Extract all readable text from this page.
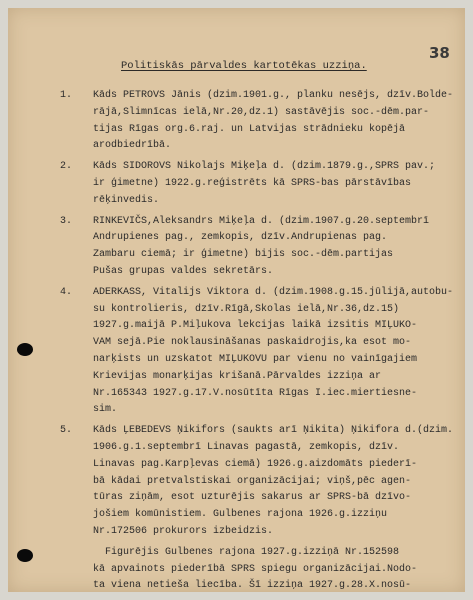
38
Politiskās pārvaldes kartotēkas uzziņa.
1. Kāds PETROVS Jānis (dzim.1901.g., planku nesējs, dzīv.Bolde-
rājā,Slimnīcas ielā,Nr.20,dz.1) sastāvējis soc.-dēm.par-
tijas Rīgas org.6.raj. un Latvijas strādnieku kopējā
arodbiedrībā.
2. Kāds SIDOROVS Nikolajs Miķeļa d. (dzim.1879.g.,SPRS pav.;
ir ģimetne) 1922.g.reģistrēts kā SPRS-bas pārstāvības
rēķinvedis.
3. RINKEVIČS,Aleksandrs Miķeļa d. (dzim.1907.g.20.septembrī
Andrupienes pag., zemkopis, dzīv.Andrupienas pag.
Zambaru ciemā; ir ģimetne) bijis soc.-dēm.partijas
Pušas grupas valdes sekretārs.
4. ADERKASS, Vitalijs Viktora d. (dzim.1908.g.15.jūlijā,autobu-
su kontrolieris, dzīv.Rīgā,Skolas ielā,Nr.36,dz.15)
1927.g.maijā P.Miļukova lekcijas laikā izsitis MIĻUKO-
VAM sejā.Pie noklausināšanas paskaidrojis,ka esot mo-
narķists un uzskatot MIĻUKOVU par vienu no vainīgajiem
Krievijas monarķijas krišanā.Pārvaldes izziņa ar
Nr.165343 1927.g.17.V.nosūtīta Rīgas I.iec.miertiesne-
sim.
5. Kāds ĻEBEDEVS Ņikifors (saukts arī Ņikita) Ņikifora d.(dzim.
1906.g.1.septembrī Linavas pagastā, zemkopis, dzīv.
Linavas pag.Karpļevas ciemā) 1926.g.aizdomāts piederī-
bā kādai pretvalstiskai organizācijai; viņš,pēc agen-
tūras ziņām, esot uzturējis sakarus ar SPRS-bā dzīvo-
jošiem komūnistiem. Gulbenes rajona 1926.g.izziņu
Nr.172506 prokurors izbeidzis.
Figurējis Gulbenes rajona 1927.g.izziņā Nr.152598
kā apvainots piederībā SPRS spiegu organizācijai.Nodo-
ta viena netieša liecība. Šī izziņa 1927.g.28.X.nosū-
